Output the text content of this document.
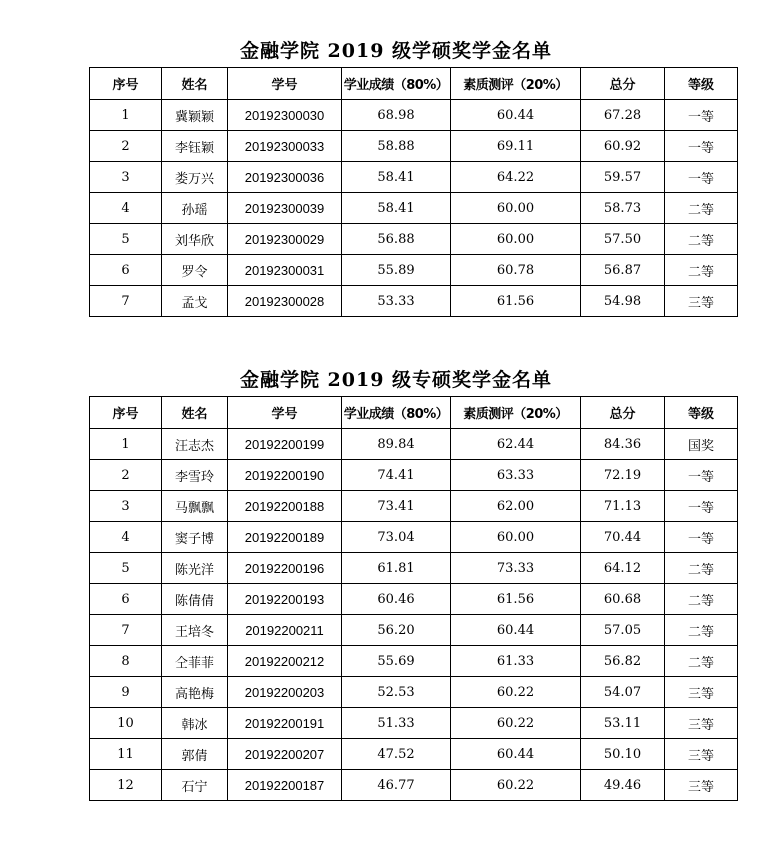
金融学院 2019 级学硕奖学金名单
序号	姓名	学号	学业成绩（80%）	素质测评（20%）	总分	等级
1	冀颖颖	20192300030	68.98	60.44	67.28	一等
2	李钰颖	20192300033	58.88	69.11	60.92	一等
3	娄万兴	20192300036	58.41	64.22	59.57	一等
4	孙瑶	20192300039	58.41	60.00	58.73	二等
5	刘华欣	20192300029	56.88	60.00	57.50	二等
6	罗令	20192300031	55.89	60.78	56.87	二等
7	孟戈	20192300028	53.33	61.56	54.98	三等
金融学院 2019 级专硕奖学金名单
序号	姓名	学号	学业成绩（80%）	素质测评（20%）	总分	等级
1	汪志杰	20192200199	89.84	62.44	84.36	国奖
2	李雪玲	20192200190	74.41	63.33	72.19	一等
3	马飘飘	20192200188	73.41	62.00	71.13	一等
4	窦子博	20192200189	73.04	60.00	70.44	一等
5	陈光洋	20192200196	61.81	73.33	64.12	二等
6	陈倩倩	20192200193	60.46	61.56	60.68	二等
7	王培冬	20192200211	56.20	60.44	57.05	二等
8	仝菲菲	20192200212	55.69	61.33	56.82	二等
9	高艳梅	20192200203	52.53	60.22	54.07	三等
10	韩冰	20192200191	51.33	60.22	53.11	三等
11	郭倩	20192200207	47.52	60.44	50.10	三等
12	石宁	20192200187	46.77	60.22	49.46	三等
